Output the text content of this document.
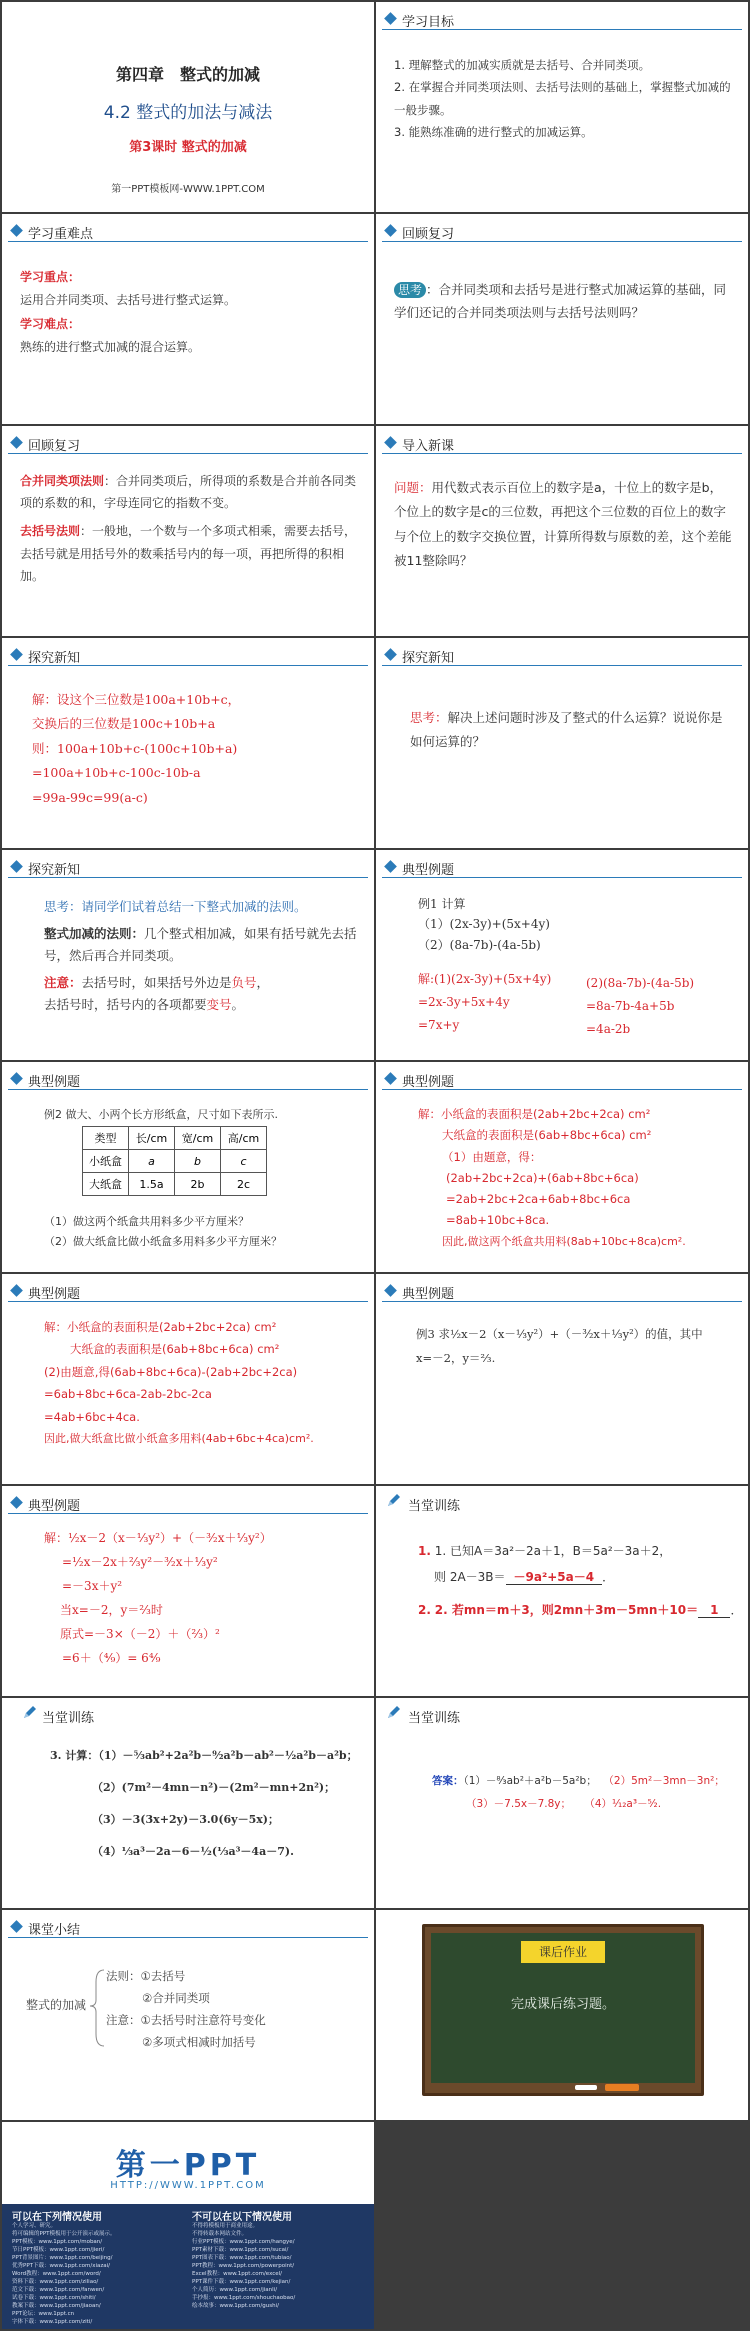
第四章　整式的加减
4.2 整式的加法与减法
第3课时 整式的加减
第一PPT模板网-WWW.1PPT.COM
学习目标
1. 理解整式的加减实质就是去括号、合并同类项。
2. 在掌握合并同类项法则、去括号法则的基础上，掌握整式加减的一般步骤。
3. 能熟练准确的进行整式的加减运算。
学习重难点
学习重点：
运用合并同类项、去括号进行整式运算。
学习难点：
熟练的进行整式加减的混合运算。
回顾复习
思考 ：合并同类项和去括号是进行整式加减运算的基础，同学们还记的合并同类项法则与去括号法则吗？
回顾复习
合并同类项法则：合并同类项后，所得项的系数是合并前各同类项的系数的和，字母连同它的指数不变。
去括号法则：一般地，一个数与一个多项式相乘，需要去括号，去括号就是用括号外的数乘括号内的每一项，再把所得的积相加。
导入新课
问题：用代数式表示百位上的数字是a，十位上的数字是b，个位上的数字是c的三位数，再把这个三位数的百位上的数字与个位上的数字交换位置，计算所得数与原数的差，这个差能被11整除吗？
探究新知
解：设这个三位数是100a+10b+c，
交换后的三位数是100c+10b+a
则：100a+10b+c-(100c+10b+a)
=100a+10b+c-100c-10b-a
=99a-99c=99(a-c)
探究新知
思考：解决上述问题时涉及了整式的什么运算？说说你是如何运算的？
探究新知
思考：请同学们试着总结一下整式加减的法则。
整式加减的法则：几个整式相加减，如果有括号就先去括号，然后再合并同类项。
注意：去括号时，如果括号外边是负号，
去括号时，括号内的各项都要变号。
典型例题
例1 计算
（1）(2x-3y)+(5x+4y)
（2）(8a-7b)-(4a-5b)
解:(1)(2x-3y)+(5x+4y)
=2x-3y+5x+4y
=7x+y
(2)(8a-7b)-(4a-5b)
=8a-7b-4a+5b
=4a-2b
典型例题
例2 做大、小两个长方形纸盒，尺寸如下表所示.
类型	长/cm	宽/cm	高/cm
小纸盒	a	b	c
大纸盒	1.5a	2b	2c
（1）做这两个纸盒共用料多少平方厘米？
（2）做大纸盒比做小纸盒多用料多少平方厘米？
典型例题
解：小纸盒的表面积是(2ab+2bc+2ca) cm²
大纸盒的表面积是(6ab+8bc+6ca) cm²
（1）由题意，得：
(2ab+2bc+2ca)+(6ab+8bc+6ca)
=2ab+2bc+2ca+6ab+8bc+6ca
=8ab+10bc+8ca.
因此,做这两个纸盒共用料(8ab+10bc+8ca)cm².
典型例题
解：小纸盒的表面积是(2ab+2bc+2ca) cm²
大纸盒的表面积是(6ab+8bc+6ca) cm²
(2)由题意,得(6ab+8bc+6ca)-(2ab+2bc+2ca)
=6ab+8bc+6ca-2ab-2bc-2ca
=4ab+6bc+4ca.
因此,做大纸盒比做小纸盒多用料(4ab+6bc+4ca)cm².
典型例题
例3 求½x－2（x－⅓y²）+（－³⁄₂x＋⅓y²）的值，其中
x=－2，y＝⅔.
典型例题
解：½x－2（x－⅓y²）+（－³⁄₂x＋⅓y²）
=½x－2x＋⅔y²－³⁄₂x＋⅓y²
=－3x＋y²
当x=－2，y＝⅔时
原式=－3×（－2）＋（⅔）²
=6＋（⁴⁄₉）= 6⁴⁄₉
当堂训练
1. 1. 已知A＝3a²－2a＋1，B＝5a²－3a＋2，
则 2A－3B＝ －9a²+5a－4 ．
2. 2. 若mn＝m＋3，则2mn＋3m－5mn＋10＝ 1 ．
当堂训练
3. 计算：（1）－⁵⁄₃ab²+2a²b－⁹⁄₂a²b－ab²－½a²b－a²b；
（2）(7m²－4mn－n²)－(2m²－mn+2n²)；
（3）－3(3x+2y)－3.0(6y－5x)；
（4）⅓a³－2a－6－½(⅓a³－4a－7).
当堂训练
答案：（1）－⁸⁄₃ab²＋a²b－5a²b； （2）5m²－3mn－3n²；
（3）－7.5x－7.8y； （4）¹⁄₁₂a³－⁵⁄₂.
课堂小结
整式的加减
法则：①去括号
②合并同类项
注意：①去括号时注意符号变化
②多项式相减时加括号
课后作业
完成课后练习题。
第一PPT
HTTP://WWW.1PPT.COM
可以在下列情况使用
个人学习、研究。
将可编辑的PPT模板用于公开演示或展示。
PPT模板：www.1ppt.com/moban/
节日PPT模板：www.1ppt.com/jieri/
PPT背景图片：www.1ppt.com/beijing/
优秀PPT下载：www.1ppt.com/xiazai/
Word教程：www.1ppt.com/word/
资料下载：www.1ppt.com/ziliao/
范文下载：www.1ppt.com/fanwen/
试卷下载：www.1ppt.com/shiti/
教案下载：www.1ppt.com/jiaoan/
PPT论坛：www.1ppt.cn
字体下载：www.1ppt.com/ziti/
不可以在以下情况使用
不得将模板用于商业用途。
不得转载本网站文件。
行业PPT模板：www.1ppt.com/hangye/
PPT素材下载：www.1ppt.com/sucai/
PPT图表下载：www.1ppt.com/tubiao/
PPT教程：www.1ppt.com/powerpoint/
Excel教程：www.1ppt.com/excel/
PPT课件下载：www.1ppt.com/kejian/
个人简历：www.1ppt.com/jianli/
手抄报：www.1ppt.com/shouchaobao/
绘本故事：www.1ppt.com/gushi/
